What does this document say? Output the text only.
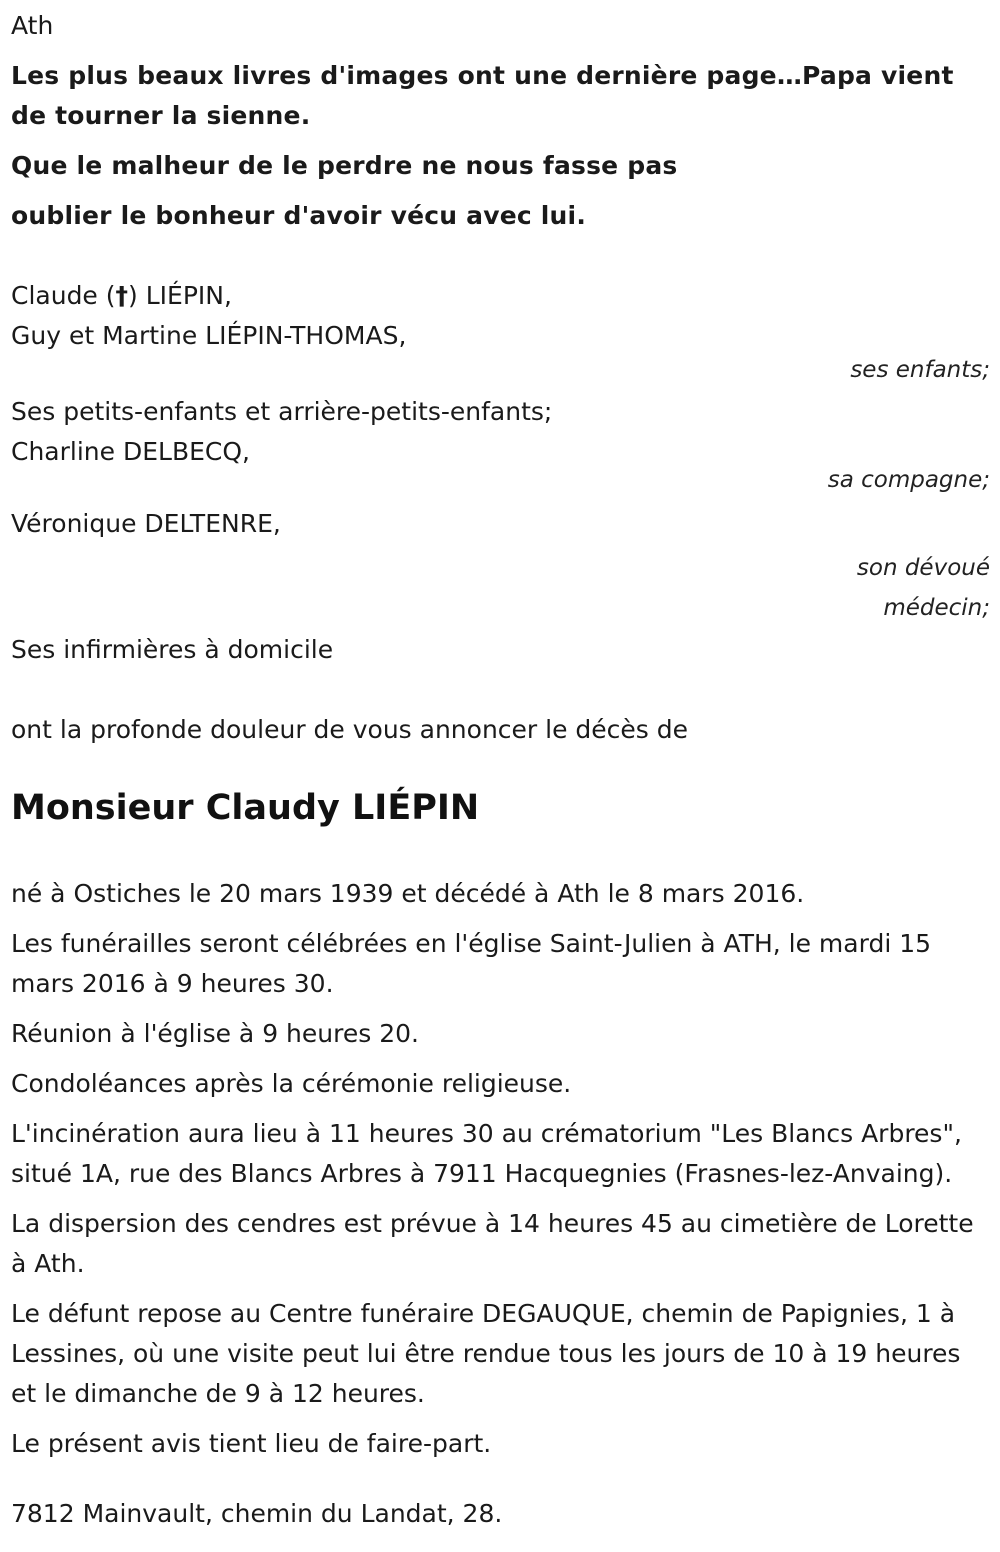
Ath
Les plus beaux livres d'images ont une dernière page…Papa vient de tourner la sienne.
Que le malheur de le perdre ne nous fasse pas
oublier le bonheur d'avoir vécu avec lui.
Claude (†) LIÉPIN,
Guy et Martine LIÉPIN-THOMAS,
ses enfants;
Ses petits-enfants et arrière-petits-enfants;
Charline DELBECQ,
sa compagne;
Véronique DELTENRE,
son dévoué
médecin;
Ses infirmières à domicile
ont la profonde douleur de vous annoncer le décès de
Monsieur Claudy LIÉPIN
né à Ostiches le 20 mars 1939 et décédé à Ath le 8 mars 2016.
Les funérailles seront célébrées en l'église Saint-Julien à ATH, le mardi 15 mars 2016 à 9 heures 30.
Réunion à l'église à 9 heures 20.
Condoléances après la cérémonie religieuse.
L'incinération aura lieu à 11 heures 30 au crématorium "Les Blancs Arbres", situé 1A, rue des Blancs Arbres à 7911 Hacquegnies (Frasnes-lez-Anvaing).
La dispersion des cendres est prévue à 14 heures 45 au cimetière de Lorette à Ath.
Le défunt repose au Centre funéraire DEGAUQUE, chemin de Papignies, 1 à Lessines, où une visite peut lui être rendue tous les jours de 10 à 19 heures et le dimanche de 9 à 12 heures.
Le présent avis tient lieu de faire-part.
7812 Mainvault, chemin du Landat, 28.
